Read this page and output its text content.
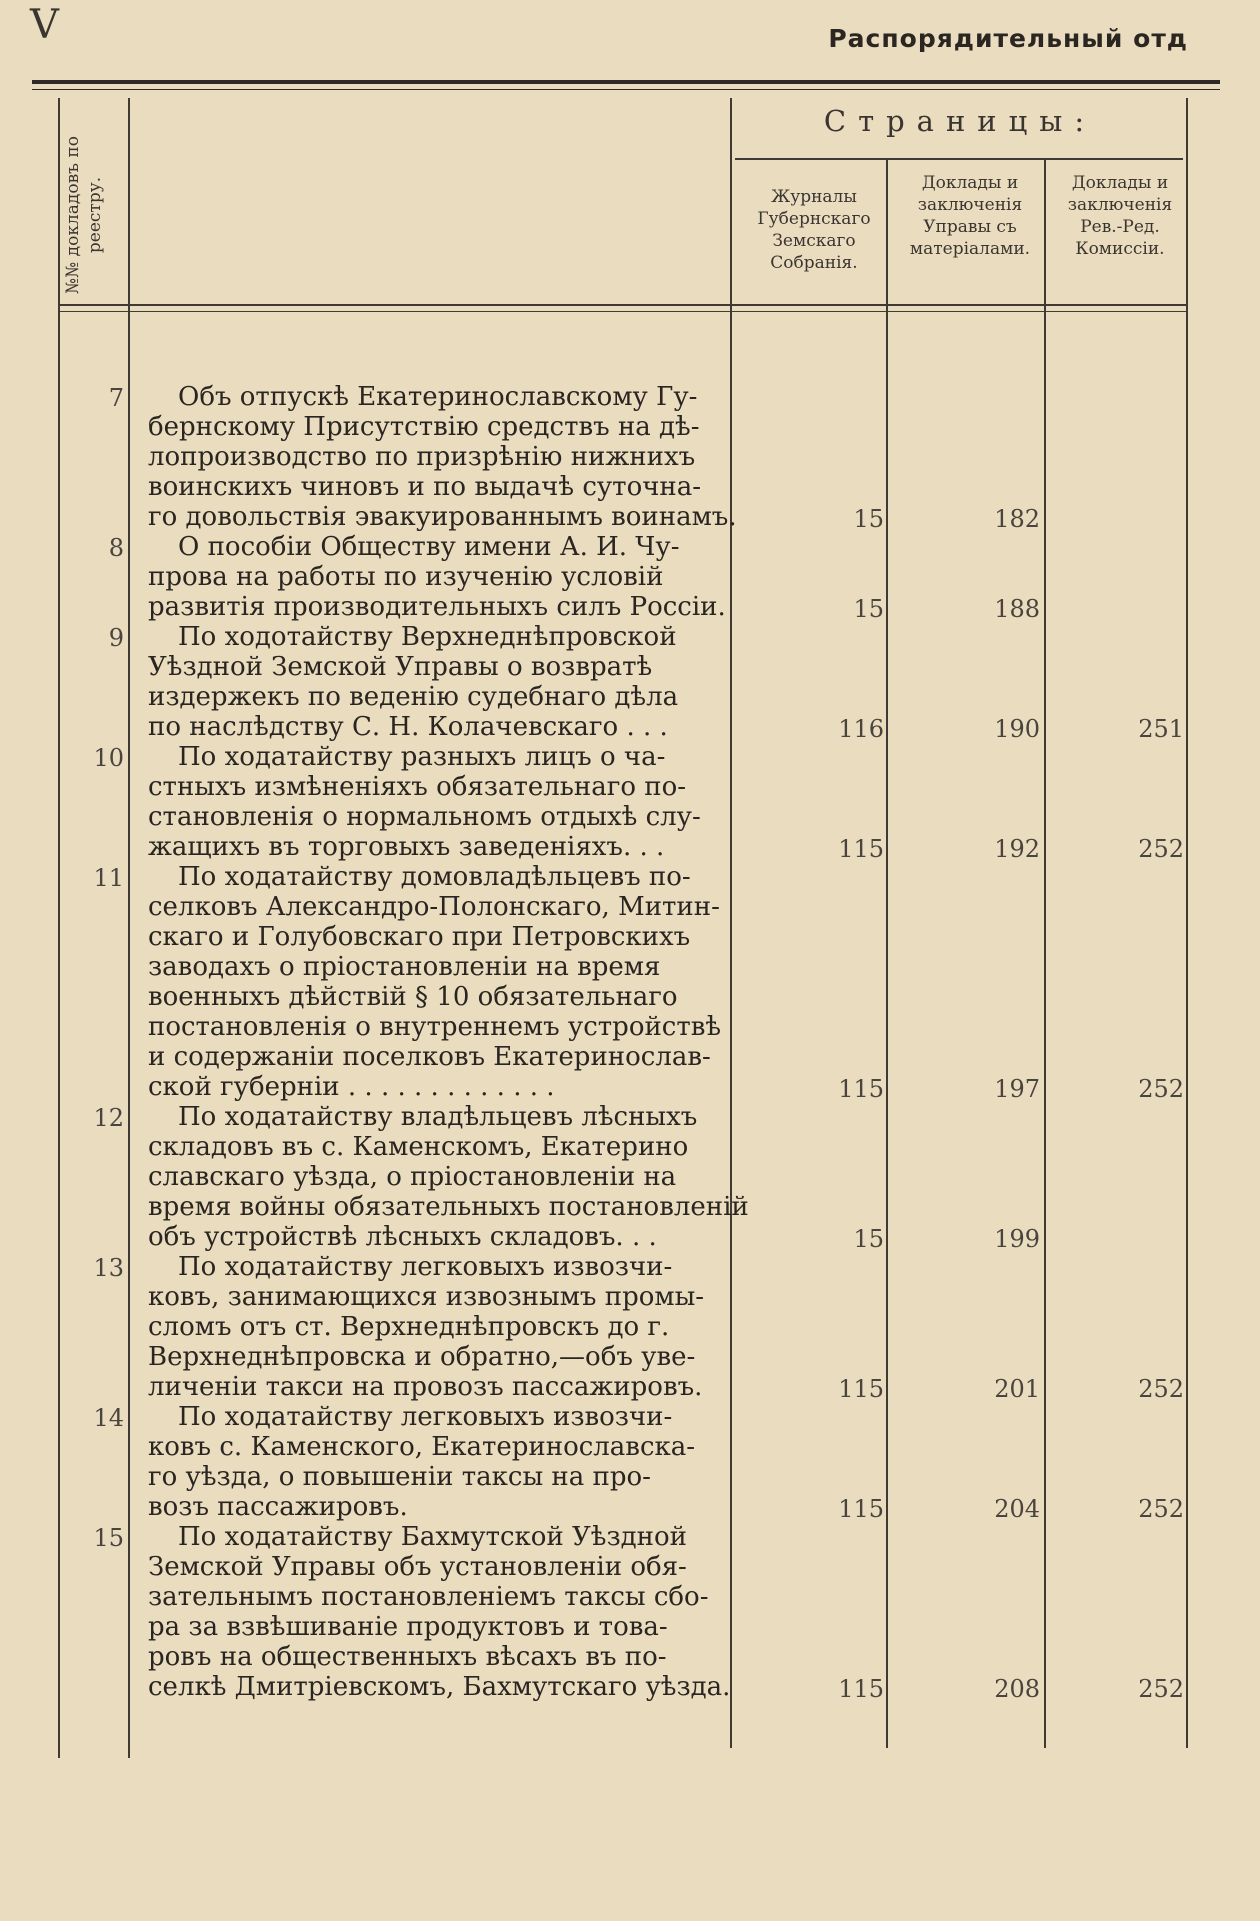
V	Распорядительный отд
№№ докладовъ по реестру.
Страницы:
Журналы Губернскаго Земскаго Собранія.
Доклады и заключенія Управы съ матеріалами.
Доклады и заключенія Рев.-Ред. Комиссіи.
7	Объ отпускѣ Екатеринославскому Гу-
бернскому Присутствію средствъ на дѣ-
лопроизводство по призрѣнію нижнихъ
воинскихъ чиновъ и по выдачѣ суточна-
го довольствія эвакуированнымъ воинамъ.	15	182
8	О пособіи Обществу имени А. И. Чу-
прова на работы по изученію условій
развитія производительныхъ силъ Россіи.	15	188
9	По ходотайству Верхнеднѣпровской
Уѣздной Земской Управы о возвратѣ
издержекъ по веденію судебнаго дѣла
по наслѣдству С. Н. Колачевскаго . . .	116	190	251
10	По ходатайству разныхъ лицъ о ча-
стныхъ измѣненіяхъ обязательнаго по-
становленія о нормальномъ отдыхѣ слу-
жащихъ въ торговыхъ заведеніяхъ. . .	115	192	252
11	По ходатайству домовладѣльцевъ по-
селковъ Александро-Полонскаго, Митин-
скаго и Голубовскаго при Петровскихъ
заводахъ о пріостановленіи на время
военныхъ дѣйствій § 10 обязательнаго
постановленія о внутреннемъ устройствѣ
и содержаніи поселковъ Екатеринослав-
ской губерніи . . . . . . . . . . . . .	115	197	252
12	По ходатайству владѣльцевъ лѣсныхъ
складовъ въ с. Каменскомъ, Екатерино
славскаго уѣзда, о пріостановленіи на
время войны обязательныхъ постановленій
объ устройствѣ лѣсныхъ складовъ. . .	15	199
13	По ходатайству легковыхъ извозчи-
ковъ, занимающихся извознымъ промы-
сломъ отъ ст. Верхнеднѣпровскъ до г.
Верхнеднѣпровска и обратно,—объ уве-
личеніи такси на провозъ пассажировъ.	115	201	252
14	По ходатайству легковыхъ извозчи-
ковъ с. Каменского, Екатеринославска-
го уѣзда, о повышеніи таксы на про-
возъ пассажировъ.	115	204	252
15	По ходатайству Бахмутской Уѣздной
Земской Управы объ установленіи обя-
зательнымъ постановленіемъ таксы сбо-
ра за взвѣшиваніе продуктовъ и това-
ровъ на общественныхъ вѣсахъ въ по-
селкѣ Дмитріевскомъ, Бахмутскаго уѣзда.	115	208	252
